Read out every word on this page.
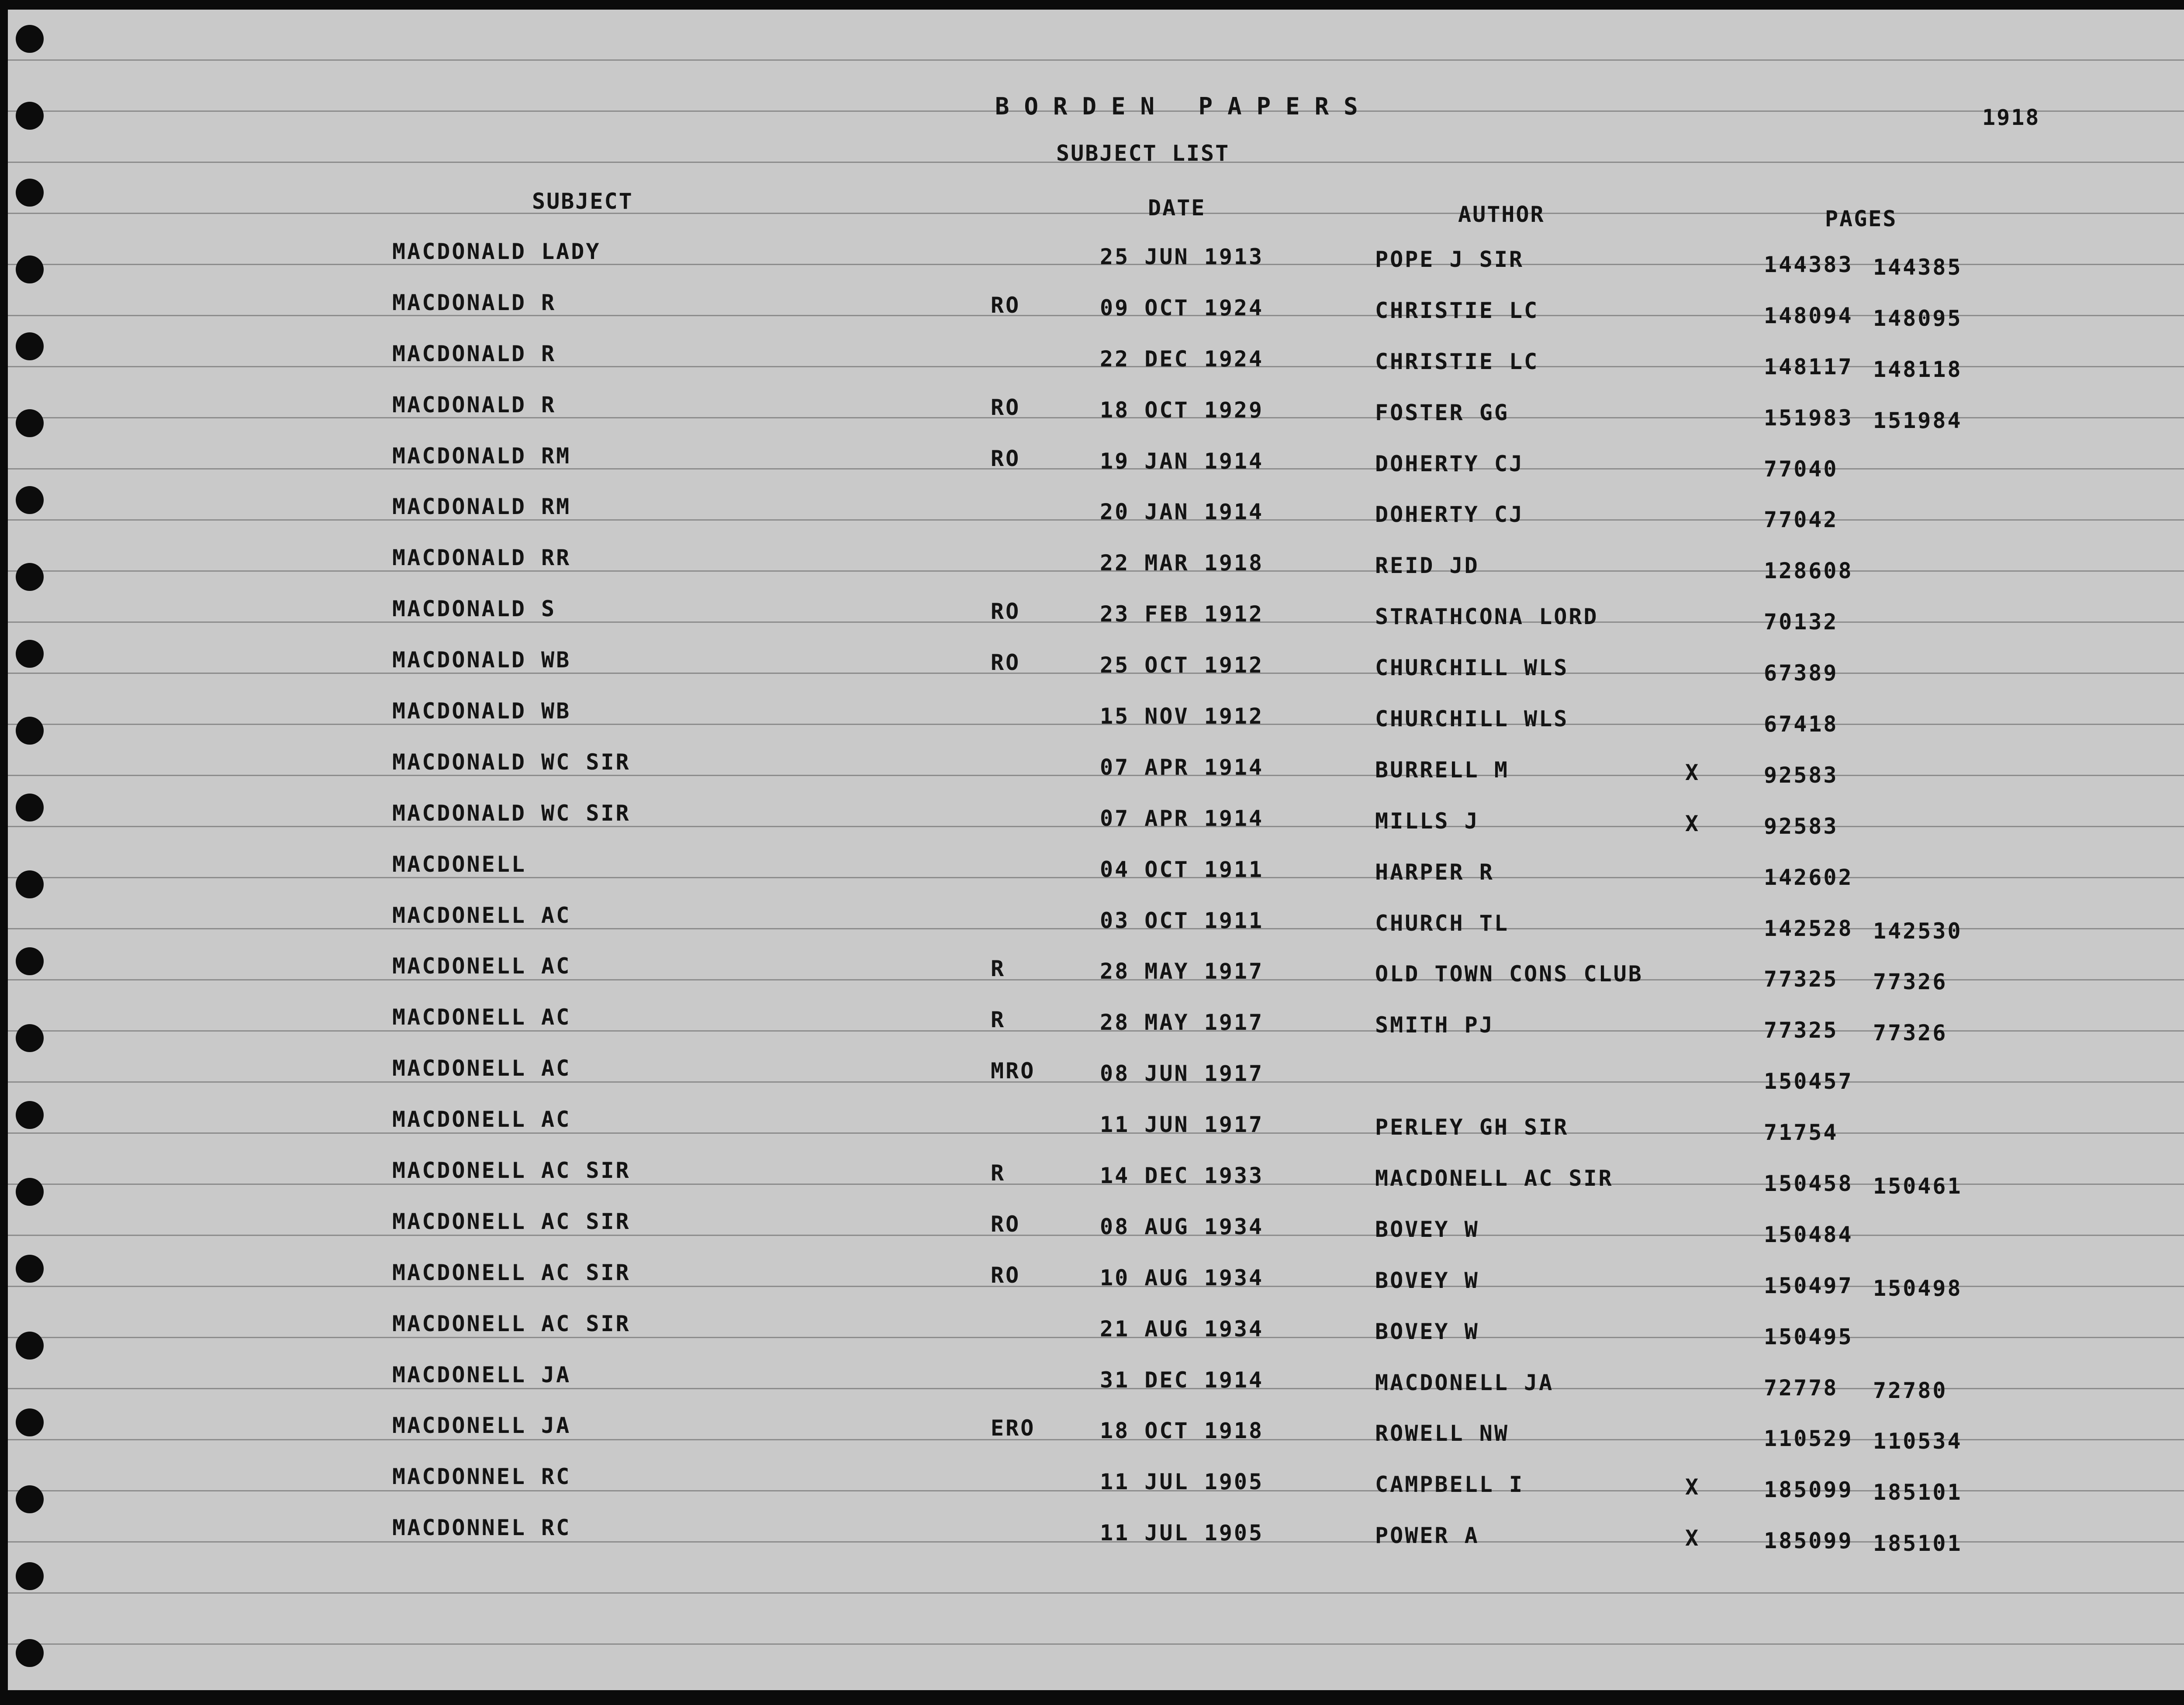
BORDEN PAPERS	1918
SUBJECT LIST
SUBJECT	DATE	AUTHOR	PAGES
MACDONALD LADY	25 JUN 1913	POPE J SIR	144383 144385
MACDONALD R	RO	09 OCT 1924	CHRISTIE LC	148094 148095
MACDONALD R	22 DEC 1924	CHRISTIE LC	148117 148118
MACDONALD R	RO	18 OCT 1929	FOSTER GG	151983 151984
MACDONALD RM	RO	19 JAN 1914	DOHERTY CJ	77040
MACDONALD RM	20 JAN 1914	DOHERTY CJ	77042
MACDONALD RR	22 MAR 1918	REID JD	128608
MACDONALD S	RO	23 FEB 1912	STRATHCONA LORD	70132
MACDONALD WB	RO	25 OCT 1912	CHURCHILL WLS	67389
MACDONALD WB	15 NOV 1912	CHURCHILL WLS	67418
MACDONALD WC SIR	07 APR 1914	BURRELL M	X	92583
MACDONALD WC SIR	07 APR 1914	MILLS J	X	92583
MACDONELL	04 OCT 1911	HARPER R	142602
MACDONELL AC	03 OCT 1911	CHURCH TL	142528 142530
MACDONELL AC	R	28 MAY 1917	OLD TOWN CONS CLUB	77325 77326
MACDONELL AC	R	28 MAY 1917	SMITH PJ	77325 77326
MACDONELL AC	MRO	08 JUN 1917	150457
MACDONELL AC	11 JUN 1917	PERLEY GH SIR	71754
MACDONELL AC SIR	R	14 DEC 1933	MACDONELL AC SIR	150458 150461
MACDONELL AC SIR	RO	08 AUG 1934	BOVEY W	150484
MACDONELL AC SIR	RO	10 AUG 1934	BOVEY W	150497 150498
MACDONELL AC SIR	21 AUG 1934	BOVEY W	150495
MACDONELL JA	31 DEC 1914	MACDONELL JA	72778 72780
MACDONELL JA	ERO	18 OCT 1918	ROWELL NW	110529 110534
MACDONNEL RC	11 JUL 1905	CAMPBELL I	X	185099 185101
MACDONNEL RC	11 JUL 1905	POWER A	X	185099 185101
